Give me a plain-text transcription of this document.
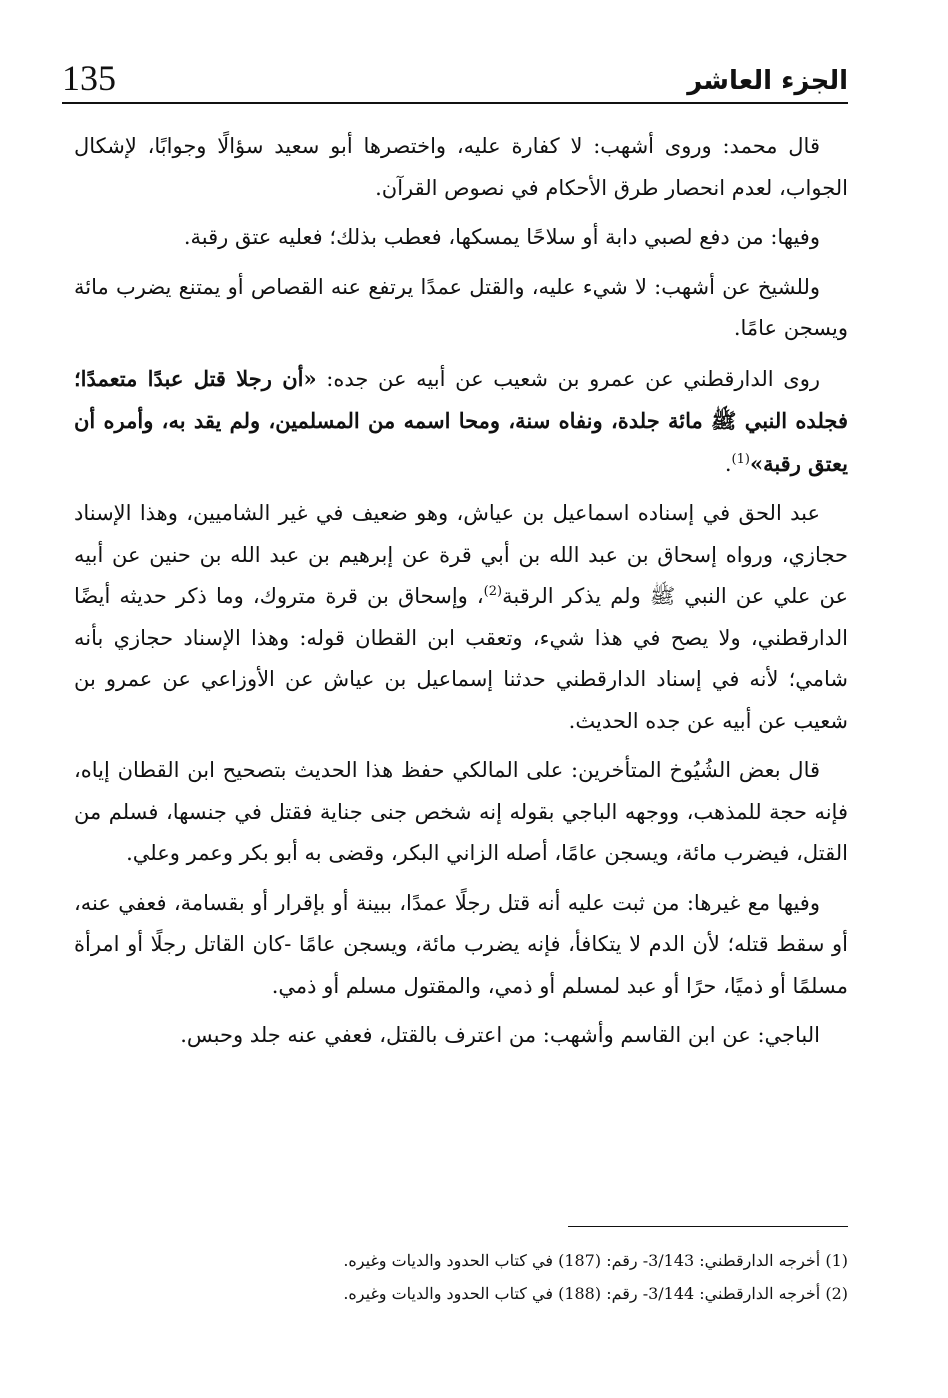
135	الجزء العاشر

قال محمد: وروى أشهب: لا كفارة عليه، واختصرها أبو سعيد سؤالًا وجوابًا، لإشكال الجواب، لعدم انحصار طرق الأحكام في نصوص القرآن.

وفيها: من دفع لصبي دابة أو سلاحًا يمسكها، فعطب بذلك؛ فعليه عتق رقبة.

وللشيخ عن أشهب: لا شيء عليه، والقتل عمدًا يرتفع عنه القصاص أو يمتنع يضرب مائة ويسجن عامًا.

روى الدارقطني عن عمرو بن شعيب عن أبيه عن جده: «أن رجلا قتل عبدًا متعمدًا؛ فجلده النبي ﷺ مائة جلدة، ونفاه سنة، ومحا اسمه من المسلمين، ولم يقد به، وأمره أن يعتق رقبة»$^{(1)}$.

عبد الحق في إسناده اسماعيل بن عياش، وهو ضعيف في غير الشاميين، وهذا الإسناد حجازي، ورواه إسحاق بن عبد الله بن أبي قرة عن إبرهيم بن عبد الله بن حنين عن أبيه عن علي عن النبي ﷺ ولم يذكر الرقبة$^{(2)}$، وإسحاق بن قرة متروك، وما ذكر حديثه أيضًا الدارقطني، ولا يصح في هذا شيء، وتعقب ابن القطان قوله: وهذا الإسناد حجازي بأنه شامي؛ لأنه في إسناد الدارقطني حدثنا إسماعيل بن عياش عن الأوزاعي عن عمرو بن شعيب عن أبيه عن جده الحديث.

قال بعض الشُيُوخ المتأخرين: على المالكي حفظ هذا الحديث بتصحيح ابن القطان إياه، فإنه حجة للمذهب، ووجهه الباجي بقوله إنه شخص جنى جناية فقتل في جنسها، فسلم من القتل، فيضرب مائة، ويسجن عامًا، أصله الزاني البكر، وقضى به أبو بكر وعمر وعلي.

وفيها مع غيرها: من ثبت عليه أنه قتل رجلًا عمدًا، ببينة أو بإقرار أو بقسامة، فعفي عنه، أو سقط قتله؛ لأن الدم لا يتكافأ، فإنه يضرب مائة، ويسجن عامًا -كان القاتل رجلًا أو امرأة مسلمًا أو ذميًا، حرًا أو عبد لمسلم أو ذمي، والمقتول مسلم أو ذمي.

الباجي: عن ابن القاسم وأشهب: من اعترف بالقتل، فعفي عنه جلد وحبس.

(1) أخرجه الدارقطني: 3/143- رقم: (187) في كتاب الحدود والديات وغيره.
(2) أخرجه الدارقطني: 3/144- رقم: (188) في كتاب الحدود والديات وغيره.
